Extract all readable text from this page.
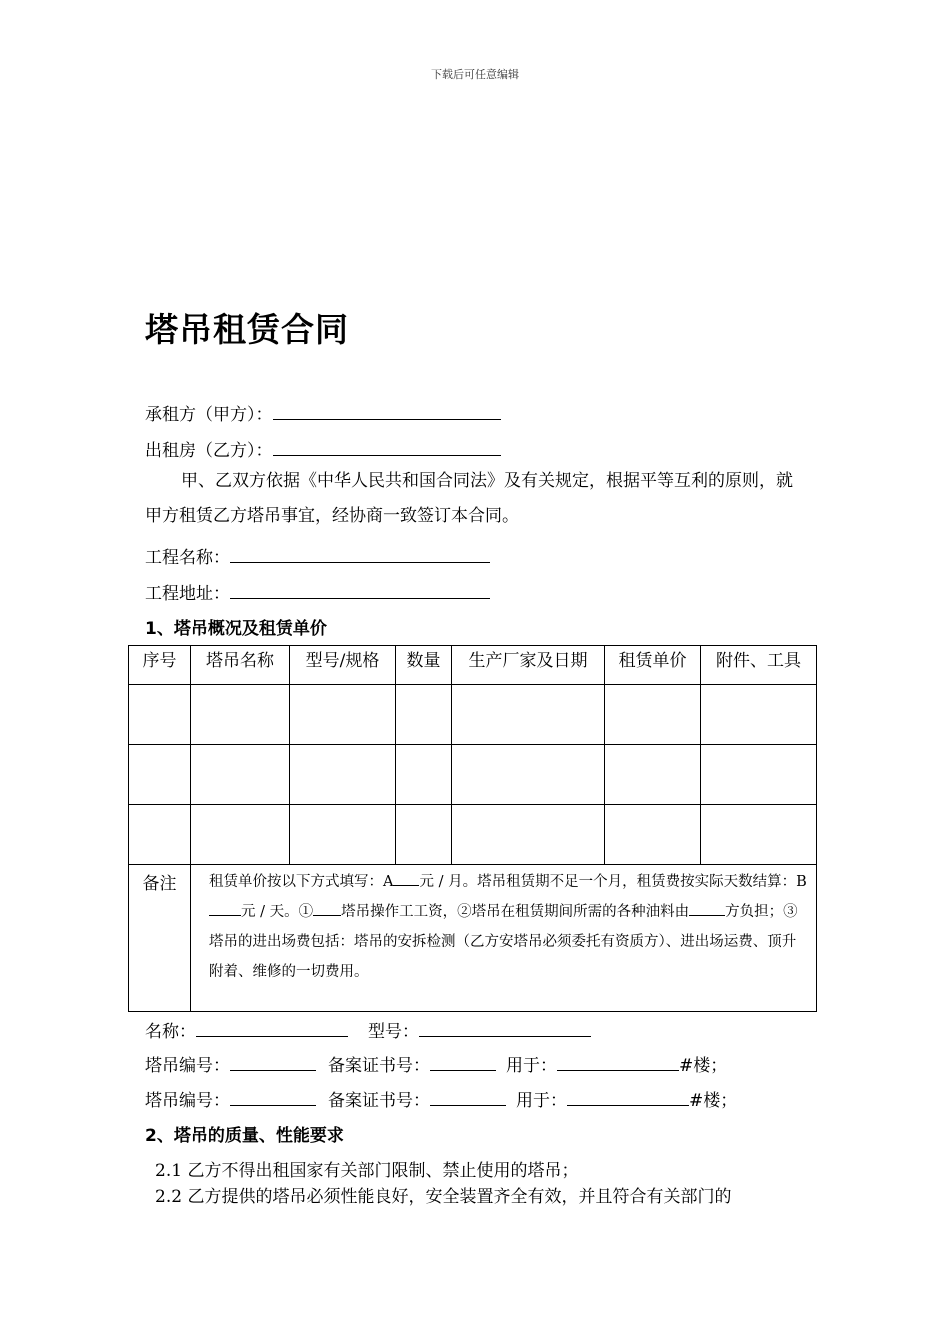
下载后可任意编辑
塔吊租赁合同
承租方（甲方）：
出租房（乙方）：
甲、乙双方依据《中华人民共和国合同法》及有关规定，根据平等互利的原则，就甲方租赁乙方塔吊事宜，经协商一致签订本合同。
工程名称：
工程地址：
1、塔吊概况及租赁单价
序号	塔吊名称	型号/规格	数量	生产厂家及日期	租赁单价	附件、工具

备注	租赁单价按以下方式填写：A 元 / 月。塔吊租赁期不足一个月，租赁费按实际天数结算：B元 / 天。① 塔吊操作工工资，②塔吊在租赁期间所需的各种油料由 方负担；③塔吊的进出场费包括：塔吊的安拆检测（乙方安塔吊必须委托有资质方）、进出场运费、顶升附着、维修的一切费用。					
名称：	型号：
塔吊编号：	备案证书号：	用于：	#楼；
塔吊编号：	备案证书号：	用于：	#楼；
2、塔吊的质量、性能要求
2.1 乙方不得出租国家有关部门限制、禁止使用的塔吊；
2.2 乙方提供的塔吊必须性能良好，安全装置齐全有效，并且符合有关部门的
